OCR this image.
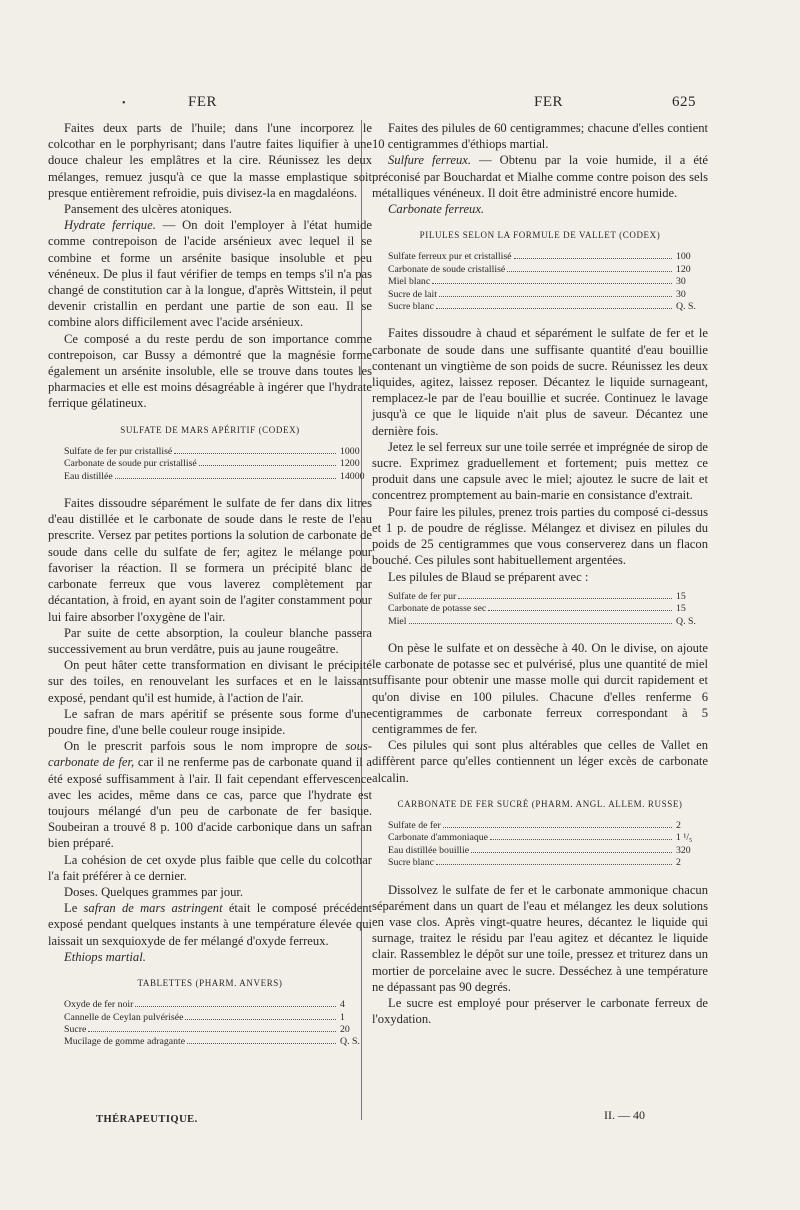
•	FER	FER	625

Faites deux parts de l'huile; dans l'une incorporez le colcothar en le porphyrisant; dans l'autre faites liquifier à une douce chaleur les emplâtres et la cire. Réunissez les deux mélanges, remuez jusqu'à ce que la masse emplastique soit presque entièrement refroidie, puis divisez-la en magdaléons.

Pansement des ulcères atoniques.

Hydrate ferrique. — On doit l'employer à l'état humide comme contrepoison de l'acide arsénieux avec lequel il se combine et forme un arsénite basique insoluble et peu vénéneux. De plus il faut vérifier de temps en temps s'il n'a pas changé de constitution car à la longue, d'après Wittstein, il peut devenir cristallin en perdant une partie de son eau. Il se combine alors difficilement avec l'acide arsénieux.

Ce composé a du reste perdu de son importance comme contrepoison, car Bussy a démontré que la magnésie forme également un arsénite insoluble, elle se trouve dans toutes les pharmacies et elle est moins désagréable à ingérer que l'hydrate ferrique gélatineux.

SULFATE DE MARS APÉRITIF (CODEX)
Sulfate de fer pur cristallisé	1000
Carbonate de soude pur cristallisé	1200
Eau distillée	14000

Faites dissoudre séparément le sulfate de fer dans dix litres d'eau distillée et le carbonate de soude dans le reste de l'eau prescrite. Versez par petites portions la solution de carbonate de soude dans celle du sulfate de fer; agitez le mélange pour favoriser la réaction. Il se formera un précipité blanc de carbonate ferreux que vous laverez complètement par décantation, à froid, en ayant soin de l'agiter constamment pour lui faire absorber l'oxygène de l'air.

Par suite de cette absorption, la couleur blanche passera successivement au brun verdâtre, puis au jaune rougeâtre.

On peut hâter cette transformation en divisant le précipité sur des toiles, en renouvelant les surfaces et en le laissant exposé, pendant qu'il est humide, à l'action de l'air.

Le safran de mars apéritif se présente sous forme d'une poudre fine, d'une belle couleur rouge insipide.

On le prescrit parfois sous le nom impropre de sous-carbonate de fer, car il ne renferme pas de carbonate quand il a été exposé suffisamment à l'air. Il fait cependant effervescence avec les acides, même dans ce cas, parce que l'hydrate est toujours mélangé d'un peu de carbonate de fer basique. Soubeiran a trouvé 8 p. 100 d'acide carbonique dans un safran bien préparé.

La cohésion de cet oxyde plus faible que celle du colcothar l'a fait préférer à ce dernier.

Doses. Quelques grammes par jour.

Le safran de mars astringent était le composé précédent exposé pendant quelques instants à une température élevée qui laissait un sexquioxyde de fer mélangé d'oxyde ferreux.

Ethiops martial.

TABLETTES (PHARM. ANVERS)
Oxyde de fer noir	4
Cannelle de Ceylan pulvérisée	1
Sucre	20
Mucilage de gomme adragante	Q. S.

Faites des pilules de 60 centigrammes; chacune d'elles contient 10 centigrammes d'éthiops martial.

Sulfure ferreux. — Obtenu par la voie humide, il a été préconisé par Bouchardat et Mialhe comme contre poison des sels métalliques vénéneux. Il doit être administré encore humide.

Carbonate ferreux.

PILULES SELON LA FORMULE DE VALLET (CODEX)
Sulfate ferreux pur et cristallisé	100
Carbonate de soude cristallisé	120
Miel blanc	30
Sucre de lait	30
Sucre blanc	Q. S.

Faites dissoudre à chaud et séparément le sulfate de fer et le carbonate de soude dans une suffisante quantité d'eau bouillie contenant un vingtième de son poids de sucre. Réunissez les deux liquides, agitez, laissez reposer. Décantez le liquide surnageant, remplacez-le par de l'eau bouillie et sucrée. Continuez le lavage jusqu'à ce que le liquide n'ait plus de saveur. Décantez une dernière fois.

Jetez le sel ferreux sur une toile serrée et imprégnée de sirop de sucre. Exprimez graduellement et fortement; puis mettez ce produit dans une capsule avec le miel; ajoutez le sucre de lait et concentrez promptement au bain-marie en consistance d'extrait.

Pour faire les pilules, prenez trois parties du composé ci-dessus et 1 p. de poudre de réglisse. Mélangez et divisez en pilules du poids de 25 centigrammes que vous conserverez dans un flacon bouché. Ces pilules sont habituellement argentées.

Les pilules de Blaud se préparent avec :

Sulfate de fer pur	15
Carbonate de potasse sec	15
Miel	Q. S.

On pèse le sulfate et on dessèche à 40. On le divise, on ajoute le carbonate de potasse sec et pulvérisé, plus une quantité de miel suffisante pour obtenir une masse molle qui durcit rapidement et qu'on divise en 100 pilules. Chacune d'elles renferme 6 centigrammes de carbonate ferreux correspondant à 5 centigrammes de fer.

Ces pilules qui sont plus altérables que celles de Vallet en diffèrent parce qu'elles contiennent un léger excès de carbonate alcalin.

CARBONATE DE FER SUCRÉ (PHARM. ANGL. ALLEM. RUSSE)
Sulfate de fer	2
Carbonate d'ammoniaque	1 ¹/₅
Eau distillée bouillie	320
Sucre blanc	2

Dissolvez le sulfate de fer et le carbonate ammonique chacun séparément dans un quart de l'eau et mélangez les deux solutions en vase clos. Après vingt-quatre heures, décantez le liquide qui surnage, traitez le résidu par l'eau agitez et décantez le liquide clair. Rassemblez le dépôt sur une toile, pressez et triturez dans un mortier de porcelaine avec le sucre. Desséchez à une température ne dépassant pas 90 degrés.

Le sucre est employé pour préserver le carbonate ferreux de l'oxydation.

THÉRAPEUTIQUE.	II. — 40
